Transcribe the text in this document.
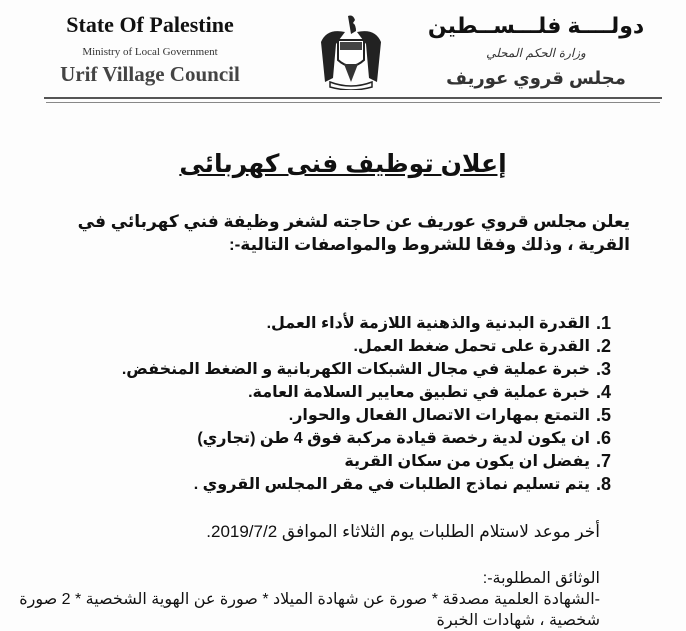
State Of Palestine
Ministry of Local Government
Urif Village Council
دولــــة فلـــســطين
وزارة الحكم المحلي
مجلس قروي عوريف
إعلان توظيف فنى كهربائى
يعلن مجلس قروي عوريف عن حاجته لشغر وظيفة فني كهربائي في القرية ، وذلك وفقا للشروط والمواصفات التالية-:
1.
القدرة البدنية والذهنية اللازمة لأداء العمل.
2.
القدرة على تحمل ضغط العمل.
3.
خبرة عملية في مجال الشبكات الكهربانية و الضغط المنخفض.
4.
خبرة عملية في تطبيق معايير السلامة العامة.
5.
التمتع بمهارات الاتصال الفعال والحوار.
6.
ان يكون لدية رخصة قيادة مركبة فوق 4 طن (تجاري)
7.
يفضل ان يكون من سكان القرية
8.
يتم تسليم نماذج الطلبات في مقر المجلس القروي .
أخر موعد لاستلام الطلبات يوم الثلاثاء الموافق 2019/7/2.
الوثائق المطلوبة-:
-الشهادة العلمية مصدقة * صورة عن شهادة الميلاد * صورة عن الهوية الشخصية * 2 صورة شخصية ، شهادات الخبرة
